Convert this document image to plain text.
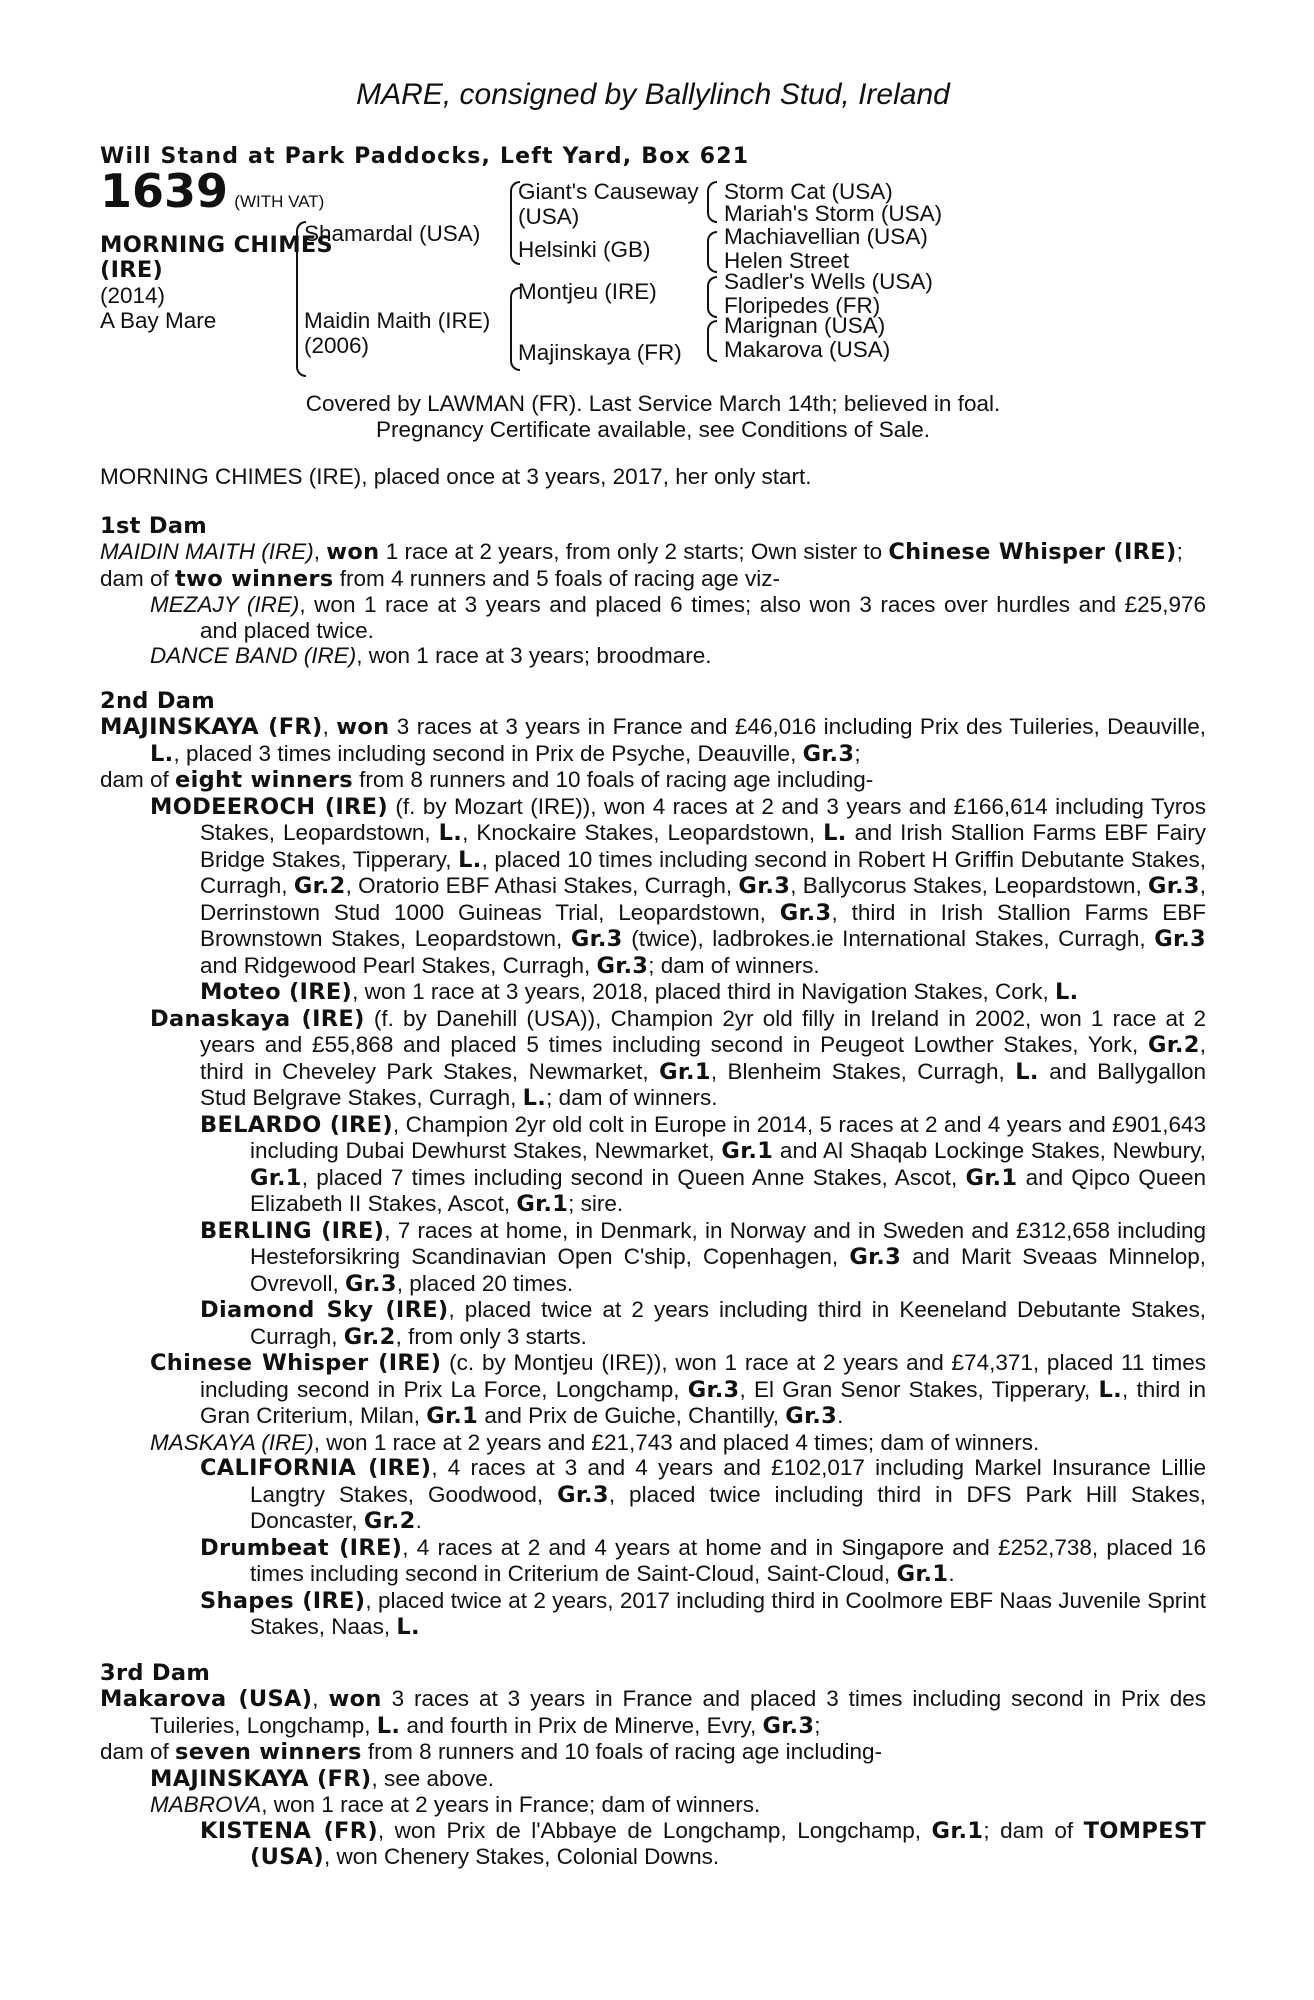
MARE, consigned by Ballylinch Stud, Ireland
Will Stand at Park Paddocks, Left Yard, Box 621
1639 (WITH VAT)
MORNING CHIMES
(IRE)
(2014)
A Bay Mare
Shamardal (USA)
Maidin Maith (IRE)
(2006)
Giant's Causeway
(USA)
Helsinki (GB)
Montjeu (IRE)
Majinskaya (FR)
Storm Cat (USA)
Mariah's Storm (USA)
Machiavellian (USA)
Helen Street
Sadler's Wells (USA)
Floripedes (FR)
Marignan (USA)
Makarova (USA)
Covered by LAWMAN (FR). Last Service March 14th; believed in foal.
Pregnancy Certificate available, see Conditions of Sale.

MORNING CHIMES (IRE), placed once at 3 years, 2017, her only start.

1st Dam

MAIDIN MAITH (IRE), won 1 race at 2 years, from only 2 starts; Own sister to Chinese Whisper (IRE);

dam of two winners from 4 runners and 5 foals of racing age viz-

MEZAJY (IRE), won 1 race at 3 years and placed 6 times; also won 3 races over hurdles and £25,976 and placed twice.

DANCE BAND (IRE), won 1 race at 3 years; broodmare.

2nd Dam

MAJINSKAYA (FR), won 3 races at 3 years in France and £46,016 including Prix des Tuileries, Deauville, L., placed 3 times including second in Prix de Psyche, Deauville, Gr.3;

dam of eight winners from 8 runners and 10 foals of racing age including-

MODEEROCH (IRE) (f. by Mozart (IRE)), won 4 races at 2 and 3 years and £166,614 including Tyros Stakes, Leopardstown, L., Knockaire Stakes, Leopardstown, L. and Irish Stallion Farms EBF Fairy Bridge Stakes, Tipperary, L., placed 10 times including second in Robert H Griffin Debutante Stakes, Curragh, Gr.2, Oratorio EBF Athasi Stakes, Curragh, Gr.3, Ballycorus Stakes, Leopardstown, Gr.3, Derrinstown Stud 1000 Guineas Trial, Leopardstown, Gr.3, third in Irish Stallion Farms EBF Brownstown Stakes, Leopardstown, Gr.3 (twice), ladbrokes.ie International Stakes, Curragh, Gr.3 and Ridgewood Pearl Stakes, Curragh, Gr.3; dam of winners.

Moteo (IRE), won 1 race at 3 years, 2018, placed third in Navigation Stakes, Cork, L.

Danaskaya (IRE) (f. by Danehill (USA)), Champion 2yr old filly in Ireland in 2002, won 1 race at 2 years and £55,868 and placed 5 times including second in Peugeot Lowther Stakes, York, Gr.2, third in Cheveley Park Stakes, Newmarket, Gr.1, Blenheim Stakes, Curragh, L. and Ballygallon Stud Belgrave Stakes, Curragh, L.; dam of winners.

BELARDO (IRE), Champion 2yr old colt in Europe in 2014, 5 races at 2 and 4 years and £901,643 including Dubai Dewhurst Stakes, Newmarket, Gr.1 and Al Shaqab Lockinge Stakes, Newbury, Gr.1, placed 7 times including second in Queen Anne Stakes, Ascot, Gr.1 and Qipco Queen Elizabeth II Stakes, Ascot, Gr.1; sire.

BERLING (IRE), 7 races at home, in Denmark, in Norway and in Sweden and £312,658 including Hesteforsikring Scandinavian Open C'ship, Copenhagen, Gr.3 and Marit Sveaas Minnelop, Ovrevoll, Gr.3, placed 20 times.

Diamond Sky (IRE), placed twice at 2 years including third in Keeneland Debutante Stakes, Curragh, Gr.2, from only 3 starts.

Chinese Whisper (IRE) (c. by Montjeu (IRE)), won 1 race at 2 years and £74,371, placed 11 times including second in Prix La Force, Longchamp, Gr.3, El Gran Senor Stakes, Tipperary, L., third in Gran Criterium, Milan, Gr.1 and Prix de Guiche, Chantilly, Gr.3.

MASKAYA (IRE), won 1 race at 2 years and £21,743 and placed 4 times; dam of winners.

CALIFORNIA (IRE), 4 races at 3 and 4 years and £102,017 including Markel Insurance Lillie Langtry Stakes, Goodwood, Gr.3, placed twice including third in DFS Park Hill Stakes, Doncaster, Gr.2.

Drumbeat (IRE), 4 races at 2 and 4 years at home and in Singapore and £252,738, placed 16 times including second in Criterium de Saint-Cloud, Saint-Cloud, Gr.1.

Shapes (IRE), placed twice at 2 years, 2017 including third in Coolmore EBF Naas Juvenile Sprint Stakes, Naas, L.

3rd Dam

Makarova (USA), won 3 races at 3 years in France and placed 3 times including second in Prix des Tuileries, Longchamp, L. and fourth in Prix de Minerve, Evry, Gr.3;

dam of seven winners from 8 runners and 10 foals of racing age including-

MAJINSKAYA (FR), see above.

MABROVA, won 1 race at 2 years in France; dam of winners.

KISTENA (FR), won Prix de l'Abbaye de Longchamp, Longchamp, Gr.1; dam of TOMPEST (USA), won Chenery Stakes, Colonial Downs.
